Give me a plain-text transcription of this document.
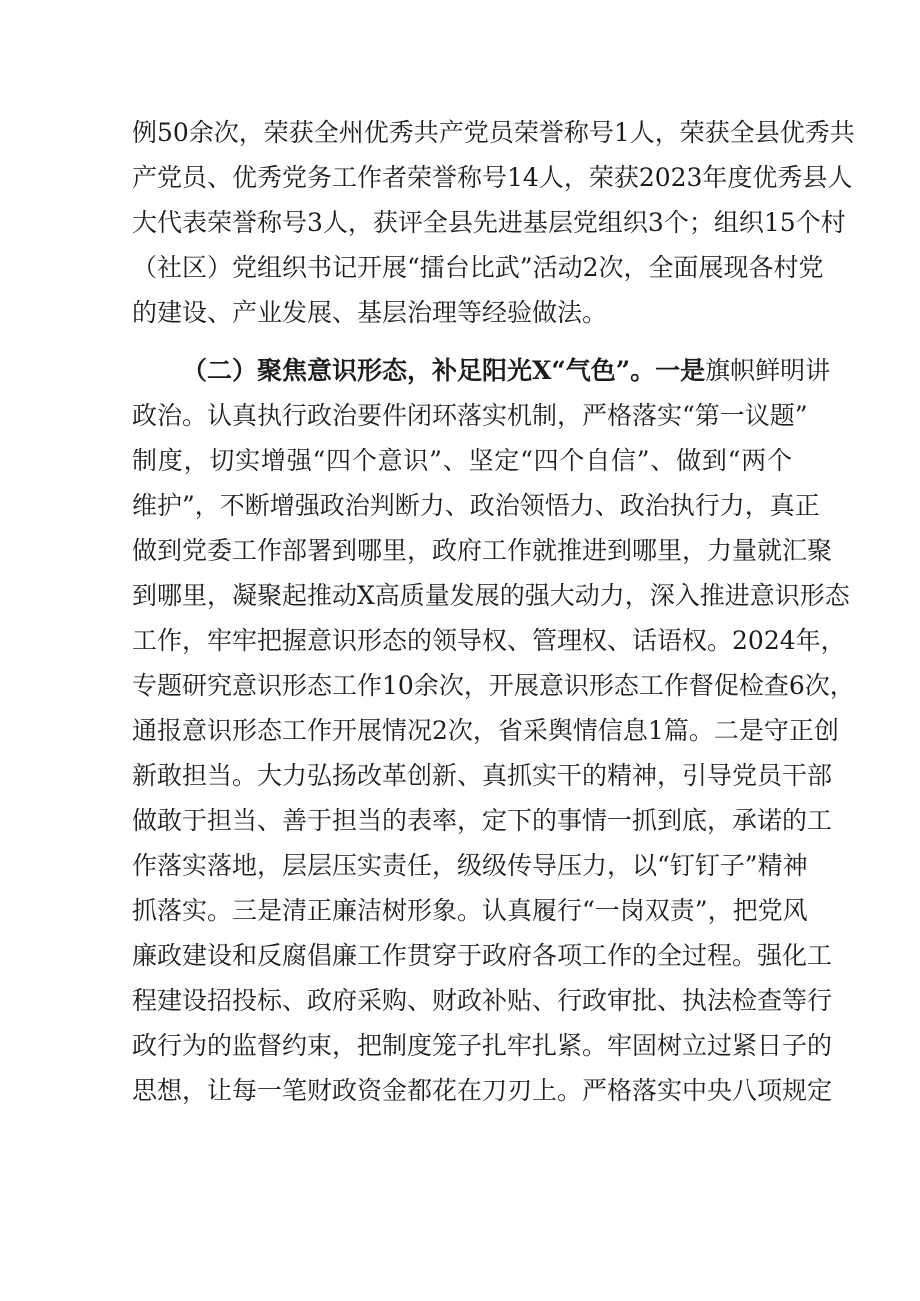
例50余次，荣获全州优秀共产党员荣誉称号1人，荣获全县优秀共
产党员、优秀党务工作者荣誉称号14人，荣获2023年度优秀县人
大代表荣誉称号3人，获评全县先进基层党组织3个；组织15个村
（社区）党组织书记开展“擂台比武”活动2次，全面展现各村党
的建设、产业发展、基层治理等经验做法。
（二）聚焦意识形态，补足阳光X“气色”。一是旗帜鲜明讲
政治。认真执行政治要件闭环落实机制，严格落实“第一议题”
制度，切实增强“四个意识”、坚定“四个自信”、做到“两个
维护”，不断增强政治判断力、政治领悟力、政治执行力，真正
做到党委工作部署到哪里，政府工作就推进到哪里，力量就汇聚
到哪里，凝聚起推动X高质量发展的强大动力，深入推进意识形态
工作，牢牢把握意识形态的领导权、管理权、话语权。2024年，
专题研究意识形态工作10余次，开展意识形态工作督促检查6次，
通报意识形态工作开展情况2次，省采舆情信息1篇。二是守正创
新敢担当。大力弘扬改革创新、真抓实干的精神，引导党员干部
做敢于担当、善于担当的表率，定下的事情一抓到底，承诺的工
作落实落地，层层压实责任，级级传导压力，以“钉钉子”精神
抓落实。三是清正廉洁树形象。认真履行“一岗双责”，把党风
廉政建设和反腐倡廉工作贯穿于政府各项工作的全过程。强化工
程建设招投标、政府采购、财政补贴、行政审批、执法检查等行
政行为的监督约束，把制度笼子扎牢扎紧。牢固树立过紧日子的
思想，让每一笔财政资金都花在刀刃上。严格落实中央八项规定
